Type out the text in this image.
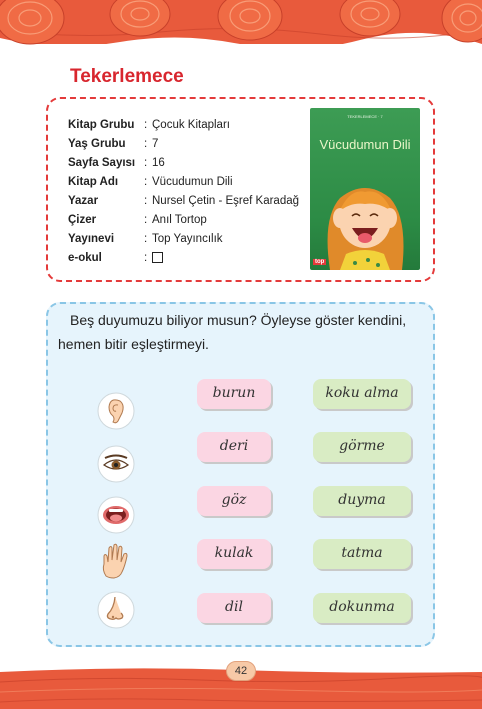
Tekerlemece
Kitap Grubu	:	Çocuk Kitapları
Yaş Grubu	:	7
Sayfa Sayısı	:	16
Kitap Adı	:	Vücudumun Dili
Yazar	:	Nursel Çetin - Eşref Karadağ
Çizer	:	Anıl Tortop
Yayınevi	:	Top Yayıncılık
e-okul	:	
TEKERLEMECE · 7
Vücudumun Dili
top
Beş duyumuzu biliyor musun? Öyleyse göster kendini, hemen bitir eşleştirmeyi.
burun
deri
göz
kulak
dil
koku alma
görme
duyma
tatma
dokunma
42
